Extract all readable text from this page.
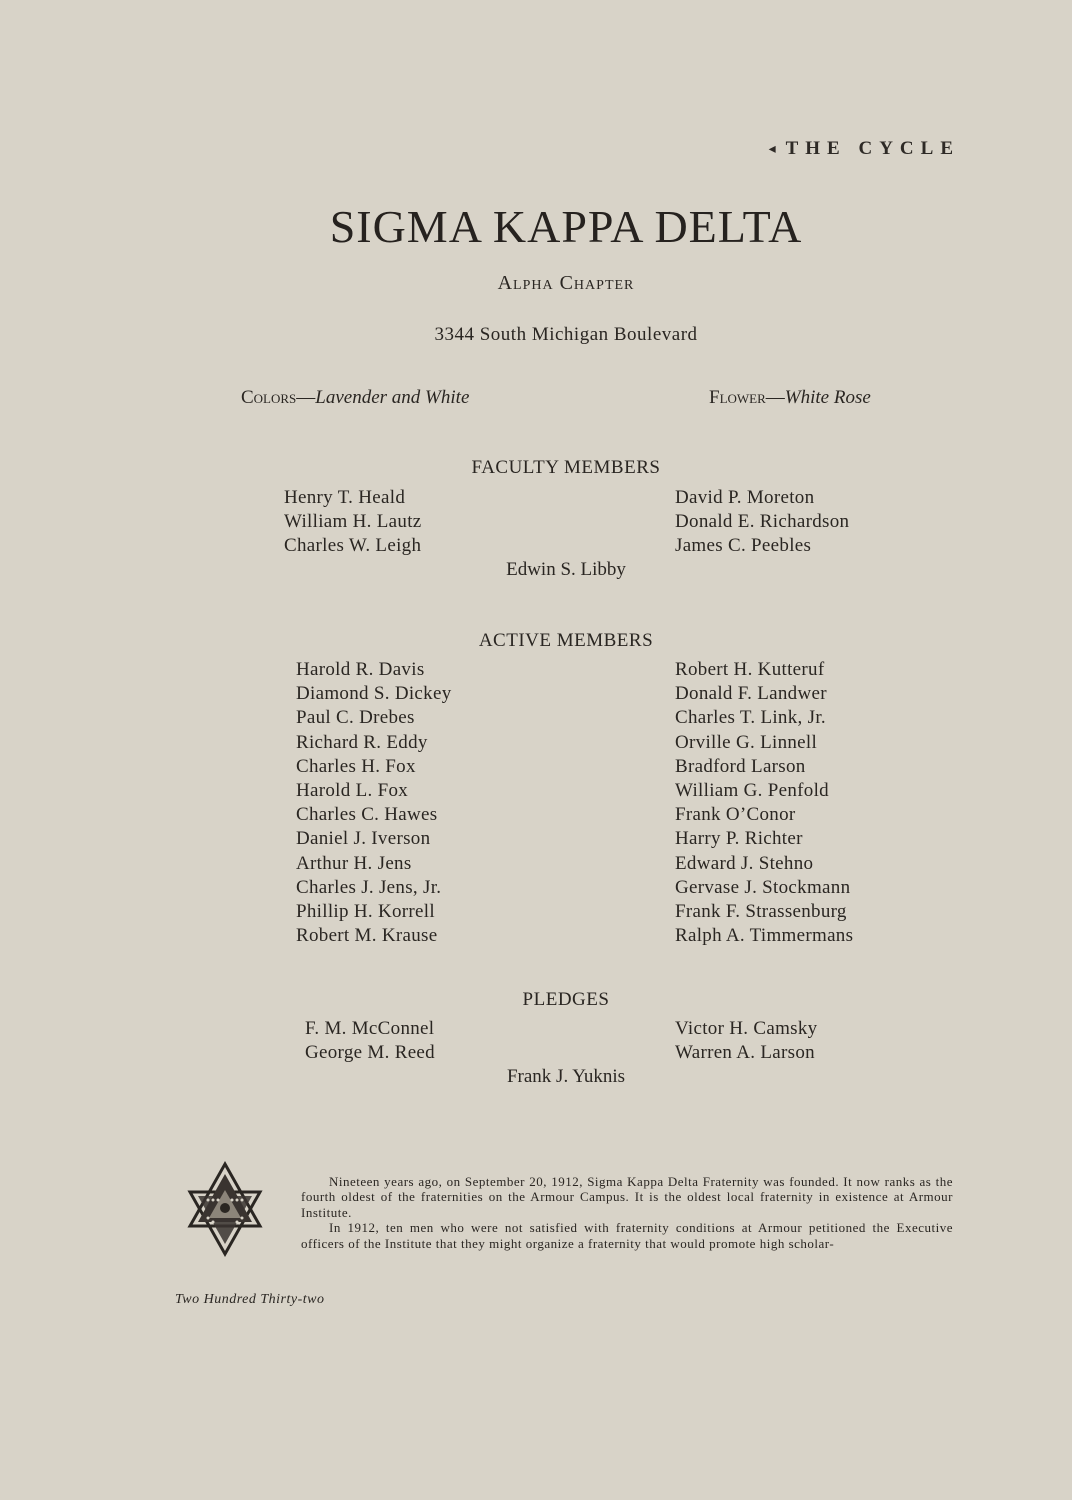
◂ THE CYCLE
SIGMA KAPPA DELTA
Alpha Chapter
3344 South Michigan Boulevard
Colors—Lavender and White	Flower—White Rose
FACULTY MEMBERS
Henry T. Heald
William H. Lautz
Charles W. Leigh
David P. Moreton
Donald E. Richardson
James C. Peebles
Edwin S. Libby
ACTIVE MEMBERS
Harold R. Davis
Diamond S. Dickey
Paul C. Drebes
Richard R. Eddy
Charles H. Fox
Harold L. Fox
Charles C. Hawes
Daniel J. Iverson
Arthur H. Jens
Charles J. Jens, Jr.
Phillip H. Korrell
Robert M. Krause
Robert H. Kutteruf
Donald F. Landwer
Charles T. Link, Jr.
Orville G. Linnell
Bradford Larson
William G. Penfold
Frank O’Conor
Harry P. Richter
Edward J. Stehno
Gervase J. Stockmann
Frank F. Strassenburg
Ralph A. Timmermans
PLEDGES
F. M. McConnel
George M. Reed
Victor H. Camsky
Warren A. Larson
Frank J. Yuknis

Nineteen years ago, on September 20, 1912, Sigma Kappa Delta Fraternity was founded. It now ranks as the fourth oldest of the fraternities on the Armour Campus. It is the oldest local fraternity in existence at Armour Institute.

In 1912, ten men who were not satisfied with fraternity conditions at Armour petitioned the Executive officers of the Institute that they might organize a fraternity that would promote high scholar-

Two Hundred Thirty-two
